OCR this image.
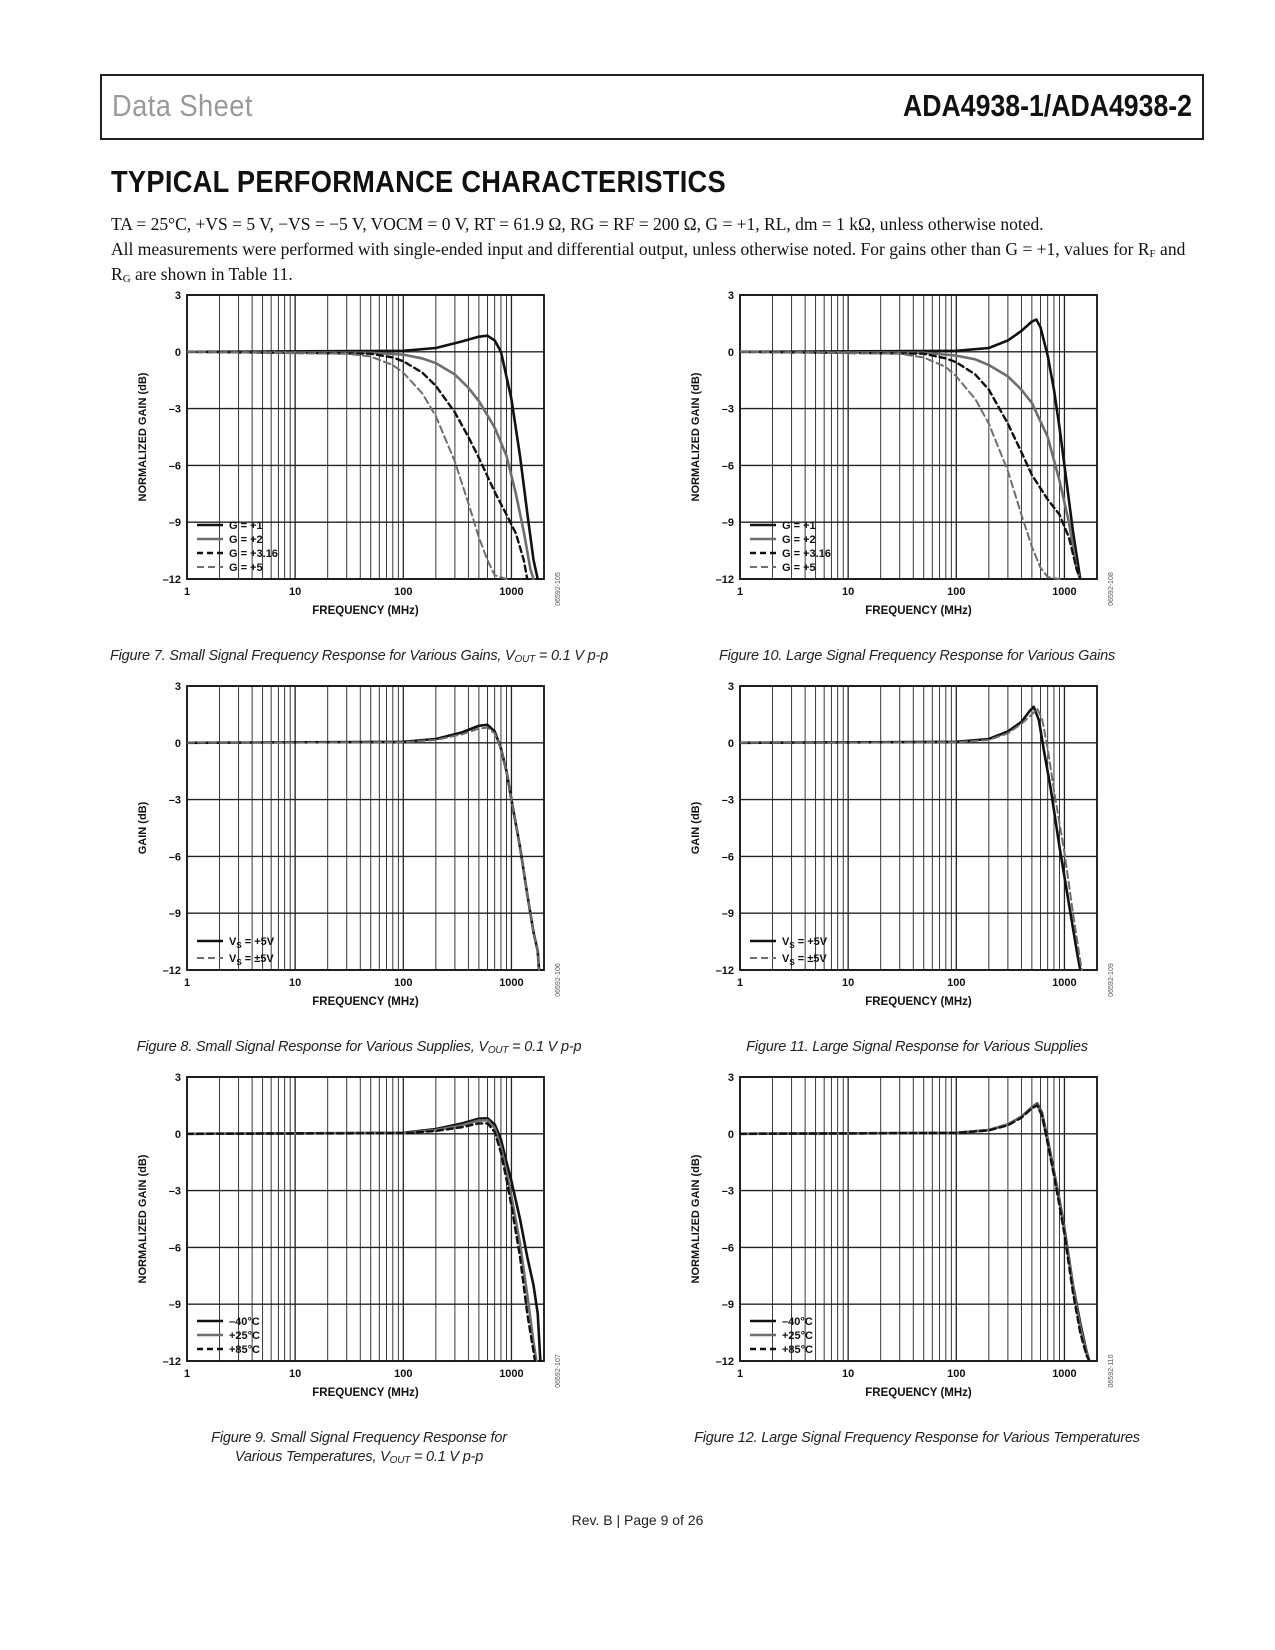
Data Sheet	ADA4938-1/ADA4938-2
TYPICAL PERFORMANCE CHARACTERISTICS

TA = 25°C, +VS = 5 V, −VS = −5 V, VOCM = 0 V, RT = 61.9 Ω, RG = RF = 200 Ω, G = +1, RL, dm = 1 kΩ, unless otherwise noted.

All measurements were performed with single-ended input and differential output, unless otherwise noted. For gains other than G = +1, values for $R_F$ and $R_G$ are shown in Table 11.

3
0
–3
–6
–9
–12
1	10	100	1000
FREQUENCY (MHz)
NORMALIZED GAIN (dB)
06592-105
G = +1
G = +2
G = +3.16
G = +5
3
0
–3
–6
–9
–12
1	10	100	1000
FREQUENCY (MHz)
NORMALIZED GAIN (dB)
06592-108
G = +1
G = +2
G = +3.16
G = +5
3
0
–3
–6
–9
–12
1	10	100	1000
FREQUENCY (MHz)
GAIN (dB)
06592-106
$V_S = +5V$
$V_S = \pm 5V$
3
0
–3
–6
–9
–12
1	10	100	1000
FREQUENCY (MHz)
GAIN (dB)
06592-109
$V_S = +5V$
$V_S = \pm 5V$
3
0
–3
–6
–9
–12
1	10	100	1000
FREQUENCY (MHz)
NORMALIZED GAIN (dB)
06592-107
–40°C
+25°C
+85°C
3
0
–3
–6
–9
–12
1	10	100	1000
FREQUENCY (MHz)
NORMALIZED GAIN (dB)
06592-110
–40°C
+25°C
+85°C
Figure 7. Small Signal Frequency Response for Various Gains, $V_{OUT} = 0.1$ V p-p	Figure 10. Large Signal Frequency Response for Various Gains
Figure 8. Small Signal Response for Various Supplies, $V_{OUT} = 0.1$ V p-p	Figure 11. Large Signal Response for Various Supplies
Figure 9. Small Signal Frequency Response for
Various Temperatures, $V_{OUT} = 0.1$ V p-p
Figure 12. Large Signal Frequency Response for Various Temperatures
Rev. B | Page 9 of 26
